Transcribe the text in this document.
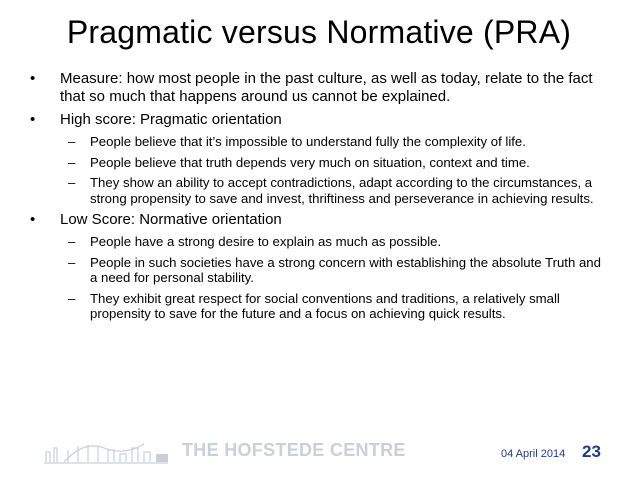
Pragmatic versus Normative (PRA)
• Measure: how most people in the past culture, as well as today, relate to the fact that so much that happens around us cannot be explained.
• High score: Pragmatic orientation
– People believe that it’s impossible to understand fully the complexity of life.
– People believe that truth depends very much on situation, context and time.
– They show an ability to accept contradictions, adapt according to the circumstances, a strong propensity to save and invest, thriftiness and perseverance in achieving results.
• Low Score: Normative orientation
– People have a strong desire to explain as much as possible.
– People in such societies have a strong concern with establishing the absolute Truth and a need for personal stability.
– They exhibit great respect for social conventions and traditions, a relatively small propensity to save for the future and a focus on achieving quick results.
THE HOFSTEDE CENTRE	04 April 2014 23
